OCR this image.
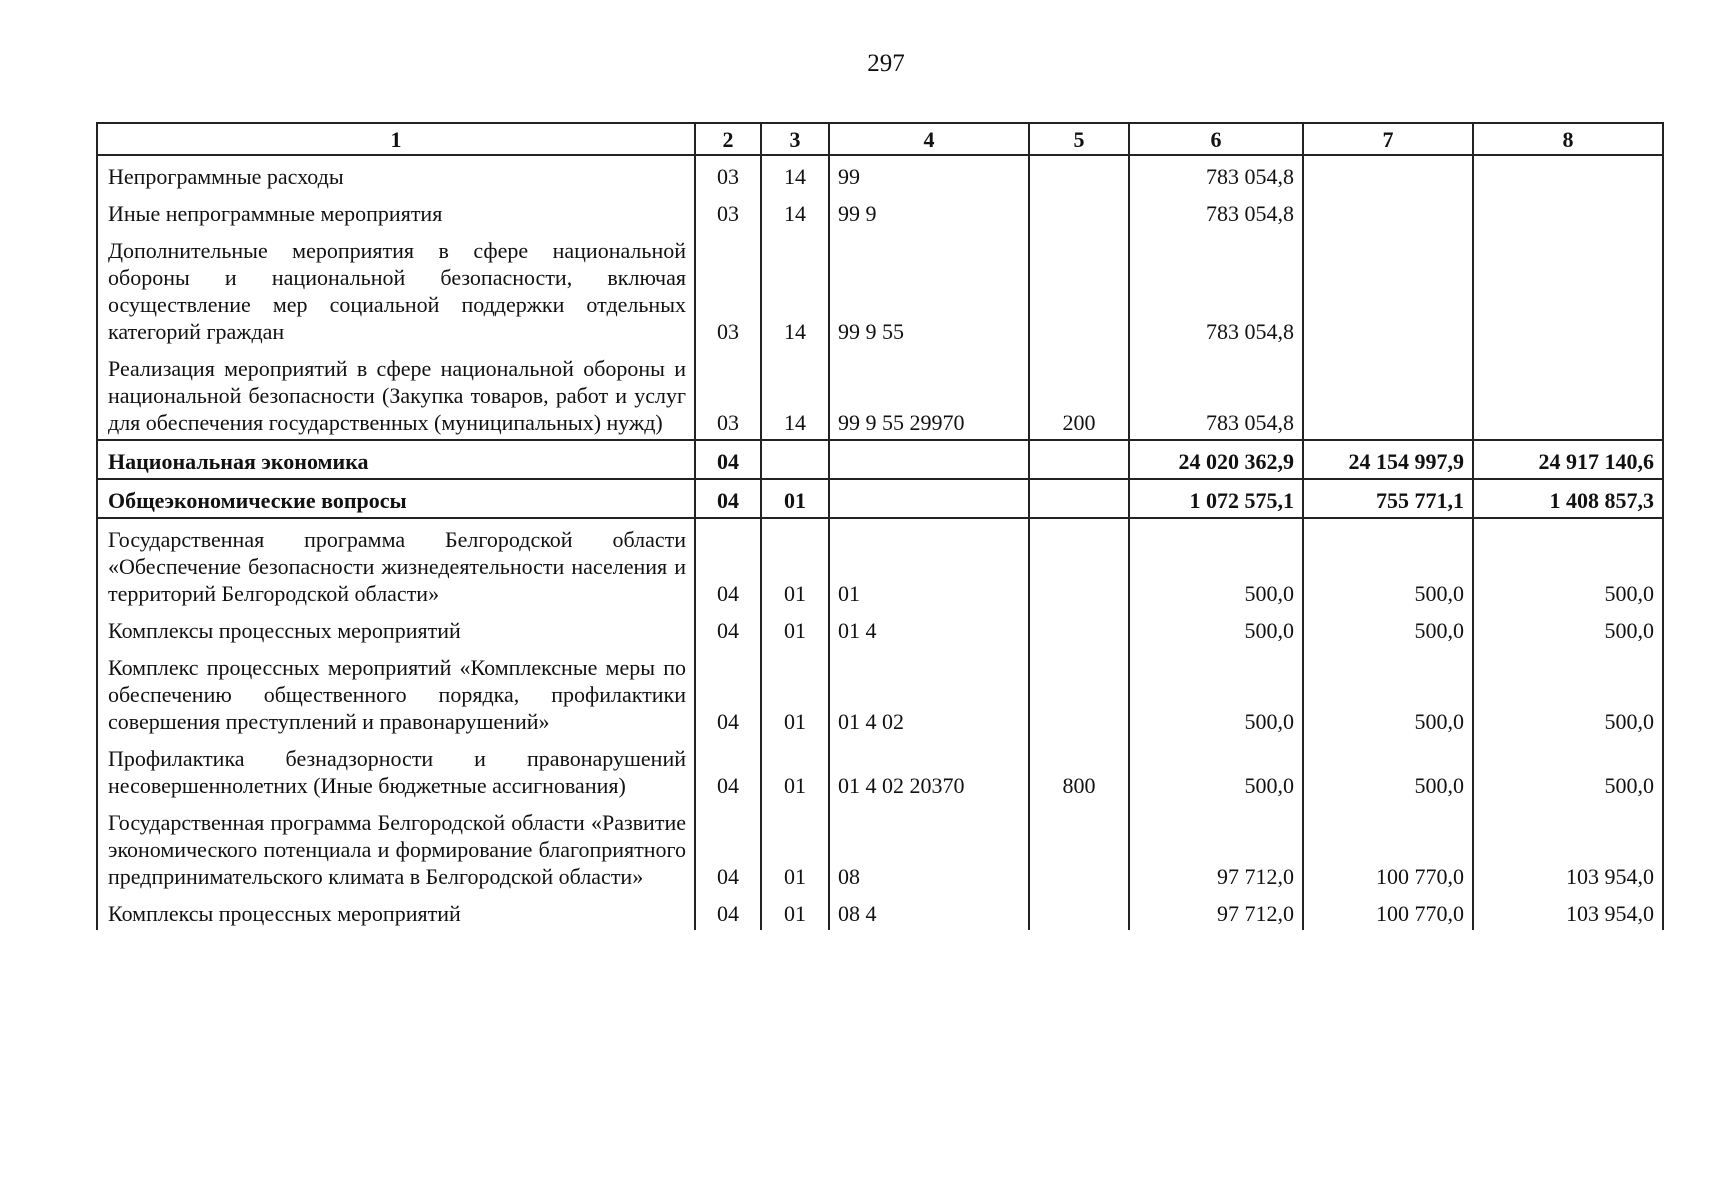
297
1	2	3	4	5	6	7	8
Непрограммные расходы	03	14	99		783 054,8		
Иные непрограммные мероприятия	03	14	99 9		783 054,8		
Дополнительные мероприятия в сфере национальной обороны и национальной безопасности, включая осуществление мер социальной поддержки отдельных категорий граждан	03	14	99 9 55		783 054,8		
Реализация мероприятий в сфере национальной обороны и национальной безопасности (Закупка товаров, работ и услуг для обеспечения государственных (муниципальных) нужд)	03	14	99 9 55 29970	200	783 054,8		
Национальная экономика	04				24 020 362,9	24 154 997,9	24 917 140,6
Общеэкономические вопросы	04	01			1 072 575,1	755 771,1	1 408 857,3
Государственная программа Белгородской области «Обеспечение безопасности жизнедеятельности населения и территорий Белгородской области»	04	01	01		500,0	500,0	500,0
Комплексы процессных мероприятий	04	01	01 4		500,0	500,0	500,0
Комплекс процессных мероприятий «Комплексные меры по обеспечению общественного порядка, профилактики совершения преступлений и правонарушений»	04	01	01 4 02		500,0	500,0	500,0
Профилактика безнадзорности и правонарушений несовершеннолетних (Иные бюджетные ассигнования)	04	01	01 4 02 20370	800	500,0	500,0	500,0
Государственная программа Белгородской области «Развитие экономического потенциала и формирование благоприятного предпринимательского климата в Белгородской области»	04	01	08		97 712,0	100 770,0	103 954,0
Комплексы процессных мероприятий	04	01	08 4		97 712,0	100 770,0	103 954,0
